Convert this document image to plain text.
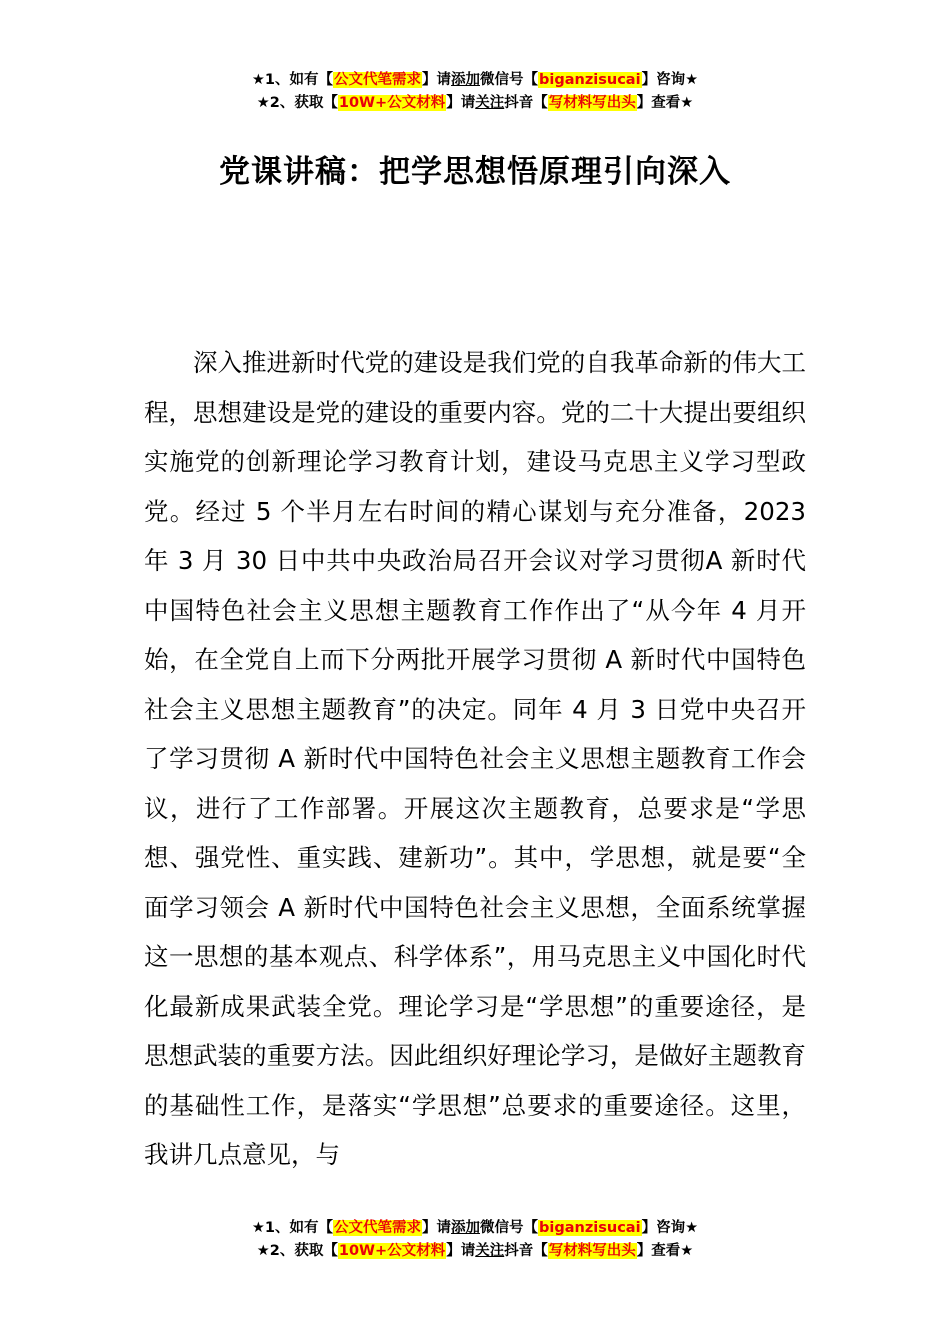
★1、如有【公文代笔需求】请添加微信号【biganzisucai】咨询★
★2、获取【10W+公文材料】请关注抖音【写材料写出头】查看★
党课讲稿：把学思想悟原理引向深入

深入推进新时代党的建设是我们党的自我革命新的伟大工程，思想建设是党的建设的重要内容。党的二十大提出要组织实施党的创新理论学习教育计划，建设马克思主义学习型政党。经过 5 个半月左右时间的精心谋划与充分准备，2023 年 3 月 30 日中共中央政治局召开会议对学习贯彻A 新时代中国特色社会主义思想主题教育工作作出了“从今年 4 月开始，在全党自上而下分两批开展学习贯彻 A 新时代中国特色社会主义思想主题教育”的决定。同年 4 月 3 日党中央召开了学习贯彻 A 新时代中国特色社会主义思想主题教育工作会议，进行了工作部署。开展这次主题教育，总要求是“学思想、强党性、重实践、建新功”。其中，学思想，就是要“全面学习领会 A 新时代中国特色社会主义思想，全面系统掌握这一思想的基本观点、科学体系”，用马克思主义中国化时代化最新成果武装全党。理论学习是“学思想”的重要途径，是思想武装的重要方法。因此组织好理论学习，是做好主题教育的基础性工作，是落实“学思想”总要求的重要途径。这里，我讲几点意见，与

★1、如有【公文代笔需求】请添加微信号【biganzisucai】咨询★
★2、获取【10W+公文材料】请关注抖音【写材料写出头】查看★
